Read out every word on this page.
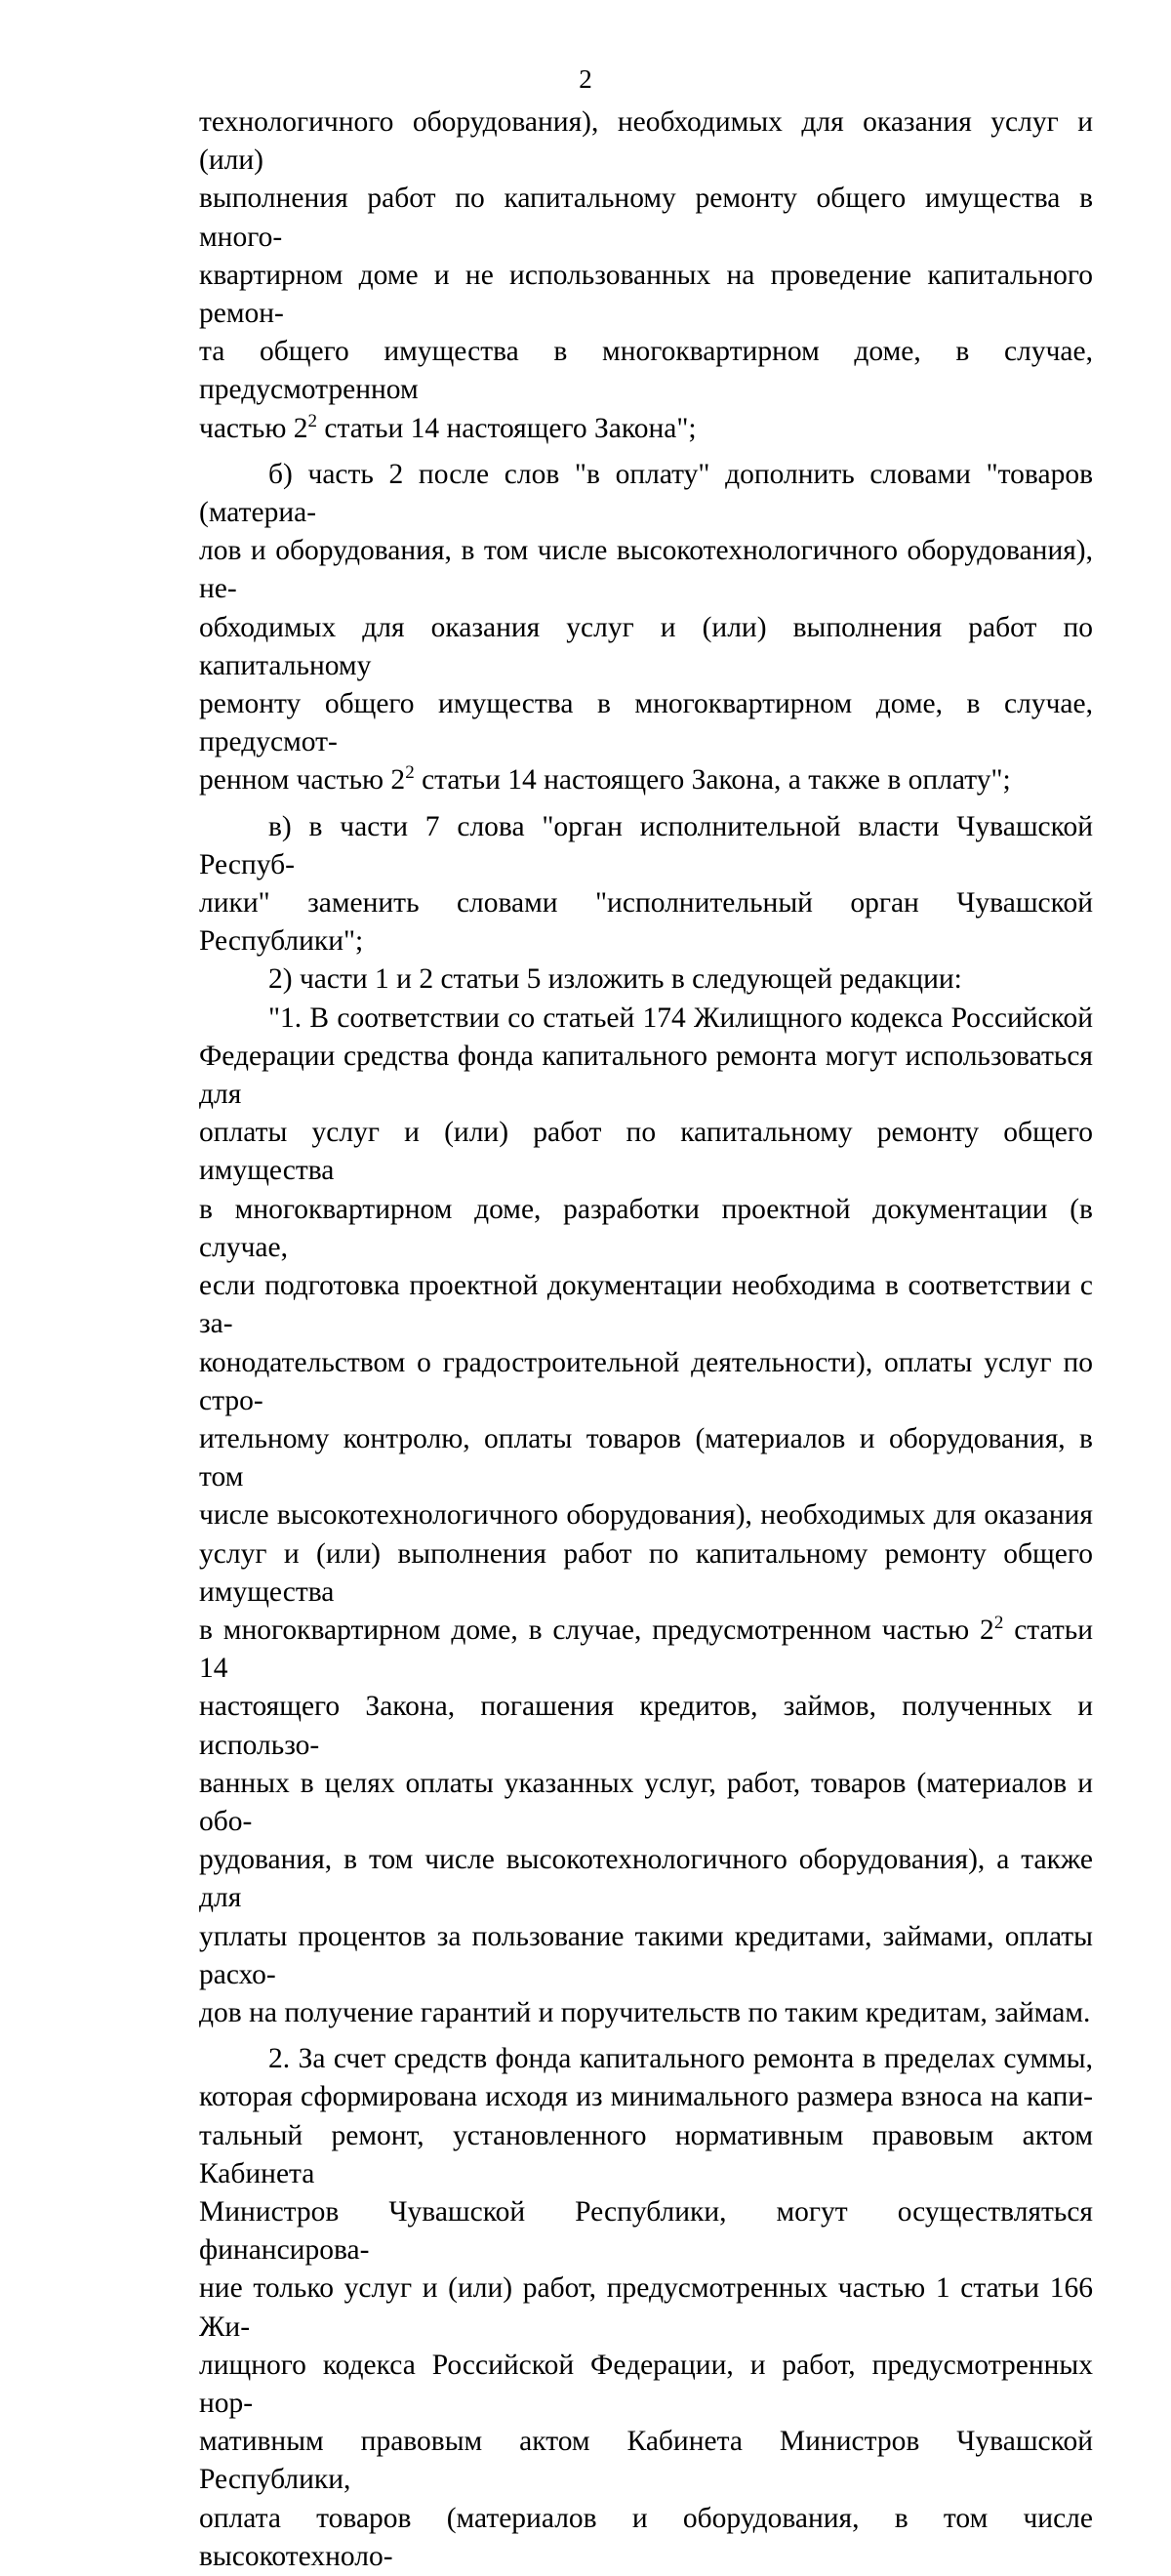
2

технологичного оборудования), необходимых для оказания услуг и (или)

выполнения работ по капитальному ремонту общего имущества в много-

квартирном доме и не использованных на проведение капитального ремон-

та общего имущества в многоквартирном доме, в случае, предусмотренном

частью $2^2$ статьи 14 настоящего Закона";

б) часть 2 после слов "в оплату" дополнить словами "товаров (материа-

лов и оборудования, в том числе высокотехнологичного оборудования), не-

обходимых для оказания услуг и (или) выполнения работ по капитальному

ремонту общего имущества в многоквартирном доме, в случае, предусмот-

ренном частью $2^2$ статьи 14 настоящего Закона, а также в оплату";

в) в части 7 слова "орган исполнительной власти Чувашской Респуб-

лики" заменить словами "исполнительный орган Чувашской Республики";

2) части 1 и 2 статьи 5 изложить в следующей редакции:

"1. В соответствии со статьей 174 Жилищного кодекса Российской

Федерации средства фонда капитального ремонта могут использоваться для

оплаты услуг и (или) работ по капитальному ремонту общего имущества

в многоквартирном доме, разработки проектной документации (в случае,

если подготовка проектной документации необходима в соответствии с за-

конодательством о градостроительной деятельности), оплаты услуг по стро-

ительному контролю, оплаты товаров (материалов и оборудования, в том

числе высокотехнологичного оборудования), необходимых для оказания

услуг и (или) выполнения работ по капитальному ремонту общего имущества

в многоквартирном доме, в случае, предусмотренном частью $2^2$ статьи 14

настоящего Закона, погашения кредитов, займов, полученных и использо-

ванных в целях оплаты указанных услуг, работ, товаров (материалов и обо-

рудования, в том числе высокотехнологичного оборудования), а также для

уплаты процентов за пользование такими кредитами, займами, оплаты расхо-

дов на получение гарантий и поручительств по таким кредитам, займам.

2. За счет средств фонда капитального ремонта в пределах суммы,

которая сформирована исходя из минимального размера взноса на капи-

тальный ремонт, установленного нормативным правовым актом Кабинета

Министров Чувашской Республики, могут осуществляться финансирова-

ние только услуг и (или) работ, предусмотренных частью 1 статьи 166 Жи-

лищного кодекса Российской Федерации, и работ, предусмотренных нор-

мативным правовым актом Кабинета Министров Чувашской Республики,

оплата товаров (материалов и оборудования, в том числе высокотехноло-
